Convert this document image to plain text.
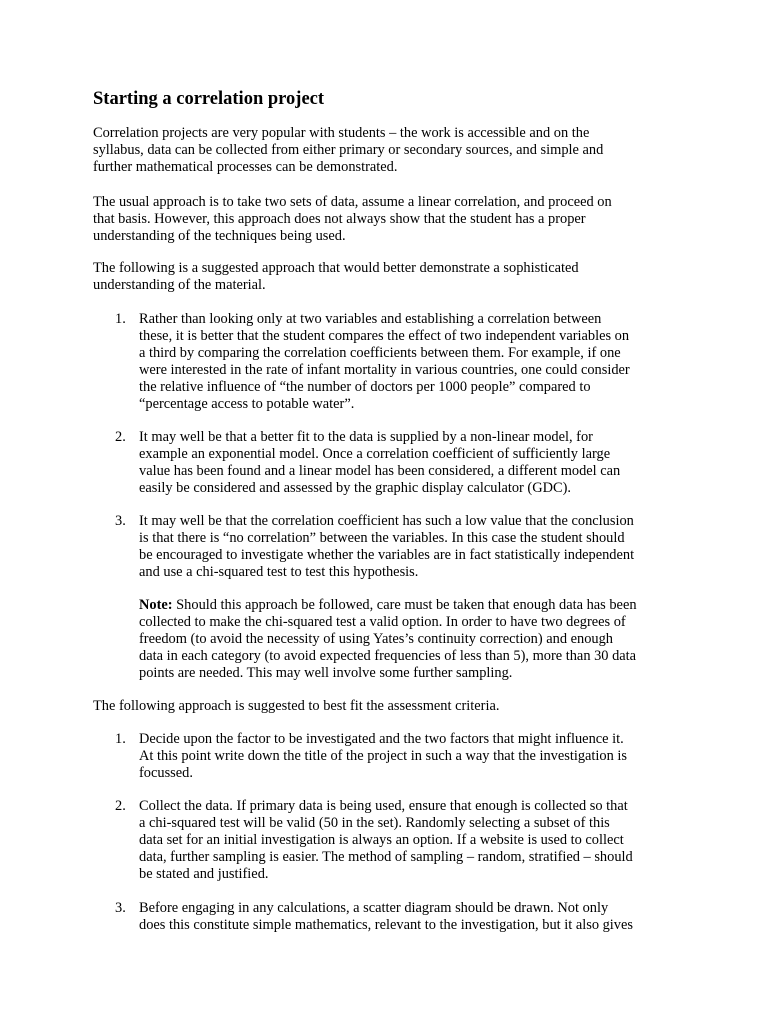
Starting a correlation project
Correlation projects are very popular with students – the work is accessible and on the
syllabus, data can be collected from either primary or secondary sources, and simple and
further mathematical processes can be demonstrated.
The usual approach is to take two sets of data, assume a linear correlation, and proceed on
that basis. However, this approach does not always show that the student has a proper
understanding of the techniques being used.
The following is a suggested approach that would better demonstrate a sophisticated
understanding of the material.
1. Rather than looking only at two variables and establishing a correlation between
these, it is better that the student compares the effect of two independent variables on
a third by comparing the correlation coefficients between them. For example, if one
were interested in the rate of infant mortality in various countries, one could consider
the relative influence of “the number of doctors per 1000 people” compared to
“percentage access to potable water”.
2. It may well be that a better fit to the data is supplied by a non-linear model, for
example an exponential model. Once a correlation coefficient of sufficiently large
value has been found and a linear model has been considered, a different model can
easily be considered and assessed by the graphic display calculator (GDC).
3. It may well be that the correlation coefficient has such a low value that the conclusion
is that there is “no correlation” between the variables. In this case the student should
be encouraged to investigate whether the variables are in fact statistically independent
and use a chi-squared test to test this hypothesis.
Note: Should this approach be followed, care must be taken that enough data has been
collected to make the chi-squared test a valid option. In order to have two degrees of
freedom (to avoid the necessity of using Yates’s continuity correction) and enough
data in each category (to avoid expected frequencies of less than 5), more than 30 data
points are needed. This may well involve some further sampling.
The following approach is suggested to best fit the assessment criteria.
1. Decide upon the factor to be investigated and the two factors that might influence it.
At this point write down the title of the project in such a way that the investigation is
focussed.
2. Collect the data. If primary data is being used, ensure that enough is collected so that
a chi-squared test will be valid (50 in the set). Randomly selecting a subset of this
data set for an initial investigation is always an option. If a website is used to collect
data, further sampling is easier. The method of sampling – random, stratified – should
be stated and justified.
3. Before engaging in any calculations, a scatter diagram should be drawn. Not only
does this constitute simple mathematics, relevant to the investigation, but it also gives
